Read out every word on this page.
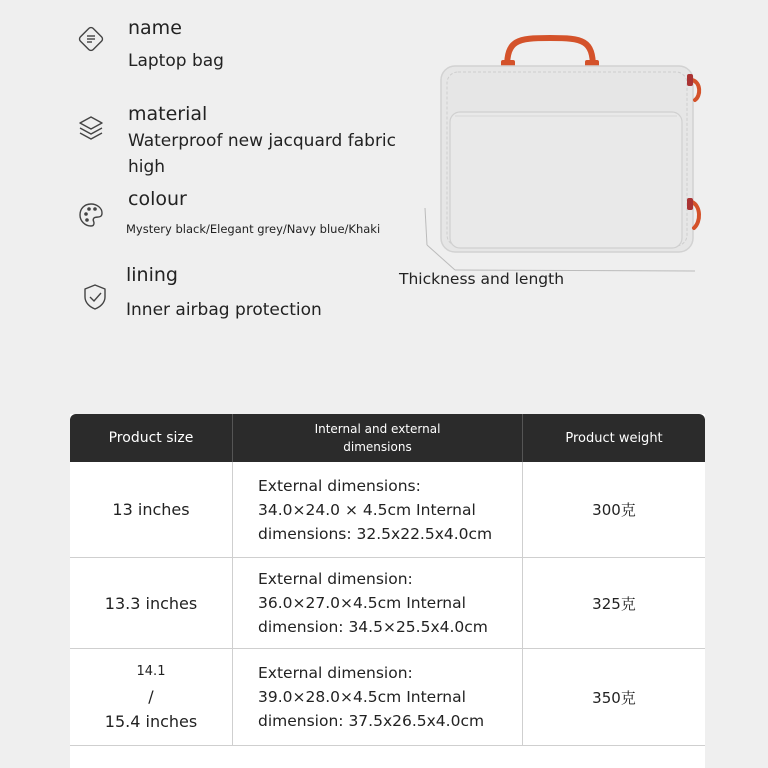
name
Laptop bag
material
Waterproof new jacquard fabric
high
colour
Mystery black/Elegant grey/Navy blue/Khaki
lining
Inner airbag protection
Thickness and length
Product size
Internal and external
dimensions
Product weight
13 inches
External dimensions:
34.0×24.0 × 4.5cm Internal
dimensions: 32.5x22.5x4.0cm
300克
13.3 inches
External dimension:
36.0×27.0×4.5cm Internal
dimension: 34.5×25.5x4.0cm
325克
14.1
/
15.4 inches
External dimension:
39.0×28.0×4.5cm Internal
dimension: 37.5x26.5x4.0cm
350克
